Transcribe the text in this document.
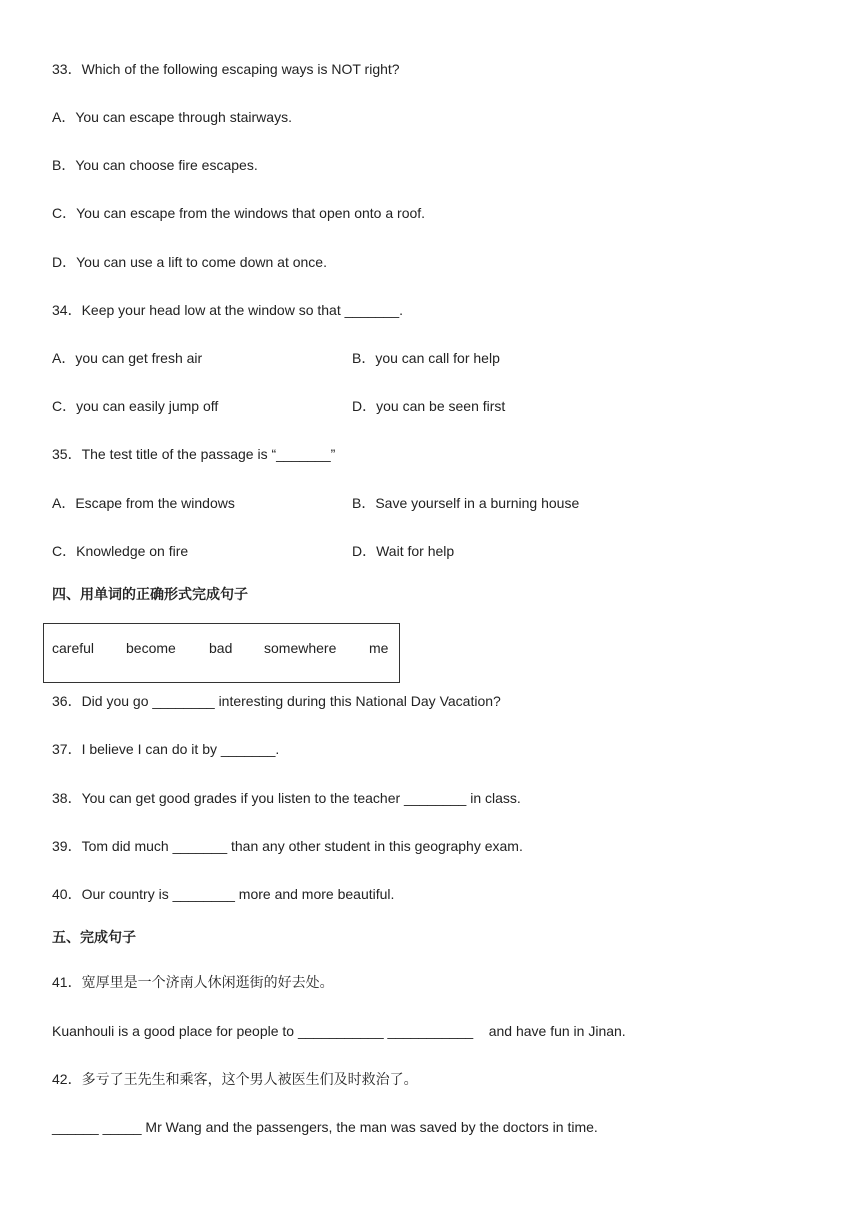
33．Which of the following escaping ways is NOT right?
A．You can escape through stairways.
B．You can choose fire escapes.
C．You can escape from the windows that open onto a roof.
D．You can use a lift to come down at once.
34．Keep your head low at the window so that _______.
A．you can get fresh air	B．you can call for help
C．you can easily jump off	D．you can be seen first
35．The test title of the passage is “_______”
A．Escape from the windows	B．Save yourself in a burning house
C．Knowledge on fire	D．Wait for help
四、用单词的正确形式完成句子
careful become bad somewhere me
36．Did you go ________ interesting during this National Day Vacation?
37．I believe I can do it by _______.
38．You can get good grades if you listen to the teacher ________ in class.
39．Tom did much _______ than any other student in this geography exam.
40．Our country is ________ more and more beautiful.
五、完成句子
41．宽厚里是一个济南人休闲逛街的好去处。
Kuanhouli is a good place for people to ___________ ___________    and have fun in Jinan.
42．多亏了王先生和乘客，这个男人被医生们及时救治了。
______ _____ Mr Wang and the passengers, the man was saved by the doctors in time.
